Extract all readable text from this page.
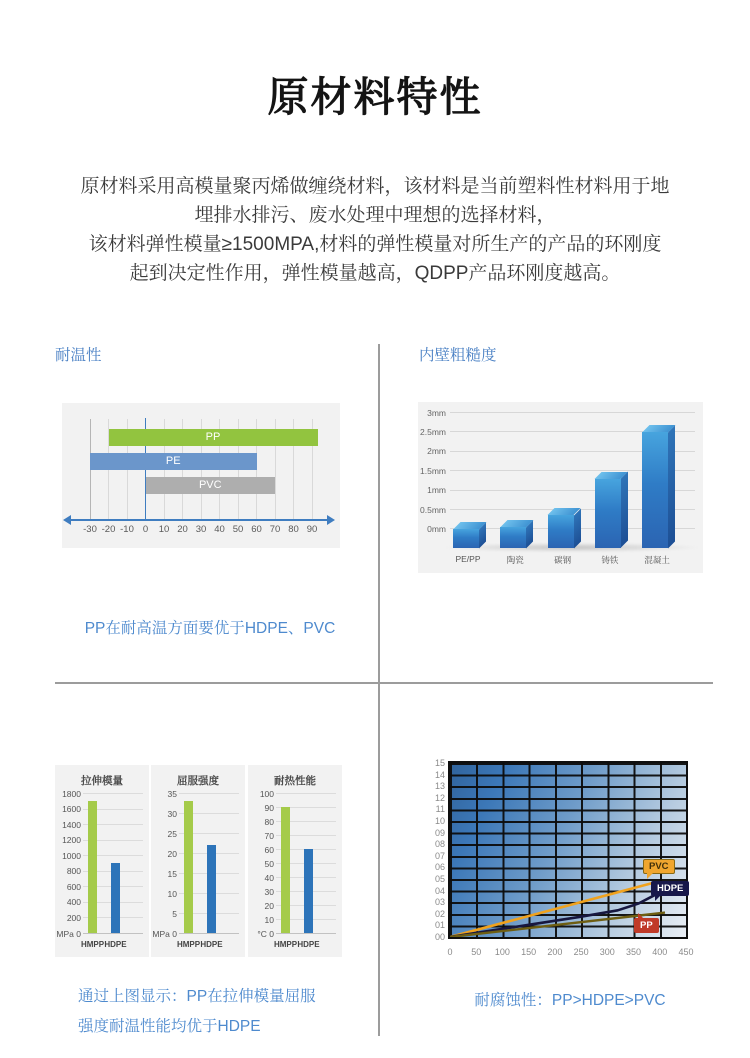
原材料特性
原材料采用高模量聚丙烯做缠绕材料，该材料是当前塑料性材料用于地
埋排水排污、废水处理中理想的选择材料，
该材料弹性模量≥1500MPA,材料的弹性模量对所生产的产品的环刚度
起到决定性作用，弹性模量越高，QDPP产品环刚度越高。
耐温性
-30 -20 -10 0	10 20 30 40 50 60 70 80 90
PP
PE
PVC
PP在耐高温方面要优于HDPE、PVC
内壁粗糙度
3mm
2.5mm
2mm
1.5mm
1mm
0.5mm
0mm
PE/PP	陶瓷	碳钢	铸铁	混凝土
拉伸模量
1800
1600
1400
1200
1000
800
600
400
200
MPa 0
HMPP HDPE
屈服强度
35
30
25
20
15
10
5
MPa 0
HMPP HDPE
耐热性能
100
90
80
70
60
50
40
30
20
10
°C 0
HMPP HDPE
通过上图显示：PP在拉伸模量屈服
强度耐温性能均优于HDPE
PVC
HDPE
PP
15
14
13
12
11
10
09
08
07
06
05
04
03
02
01
00
0	50	100	150	200	250	300	350	400	450
耐腐蚀性：PP>HDPE>PVC
